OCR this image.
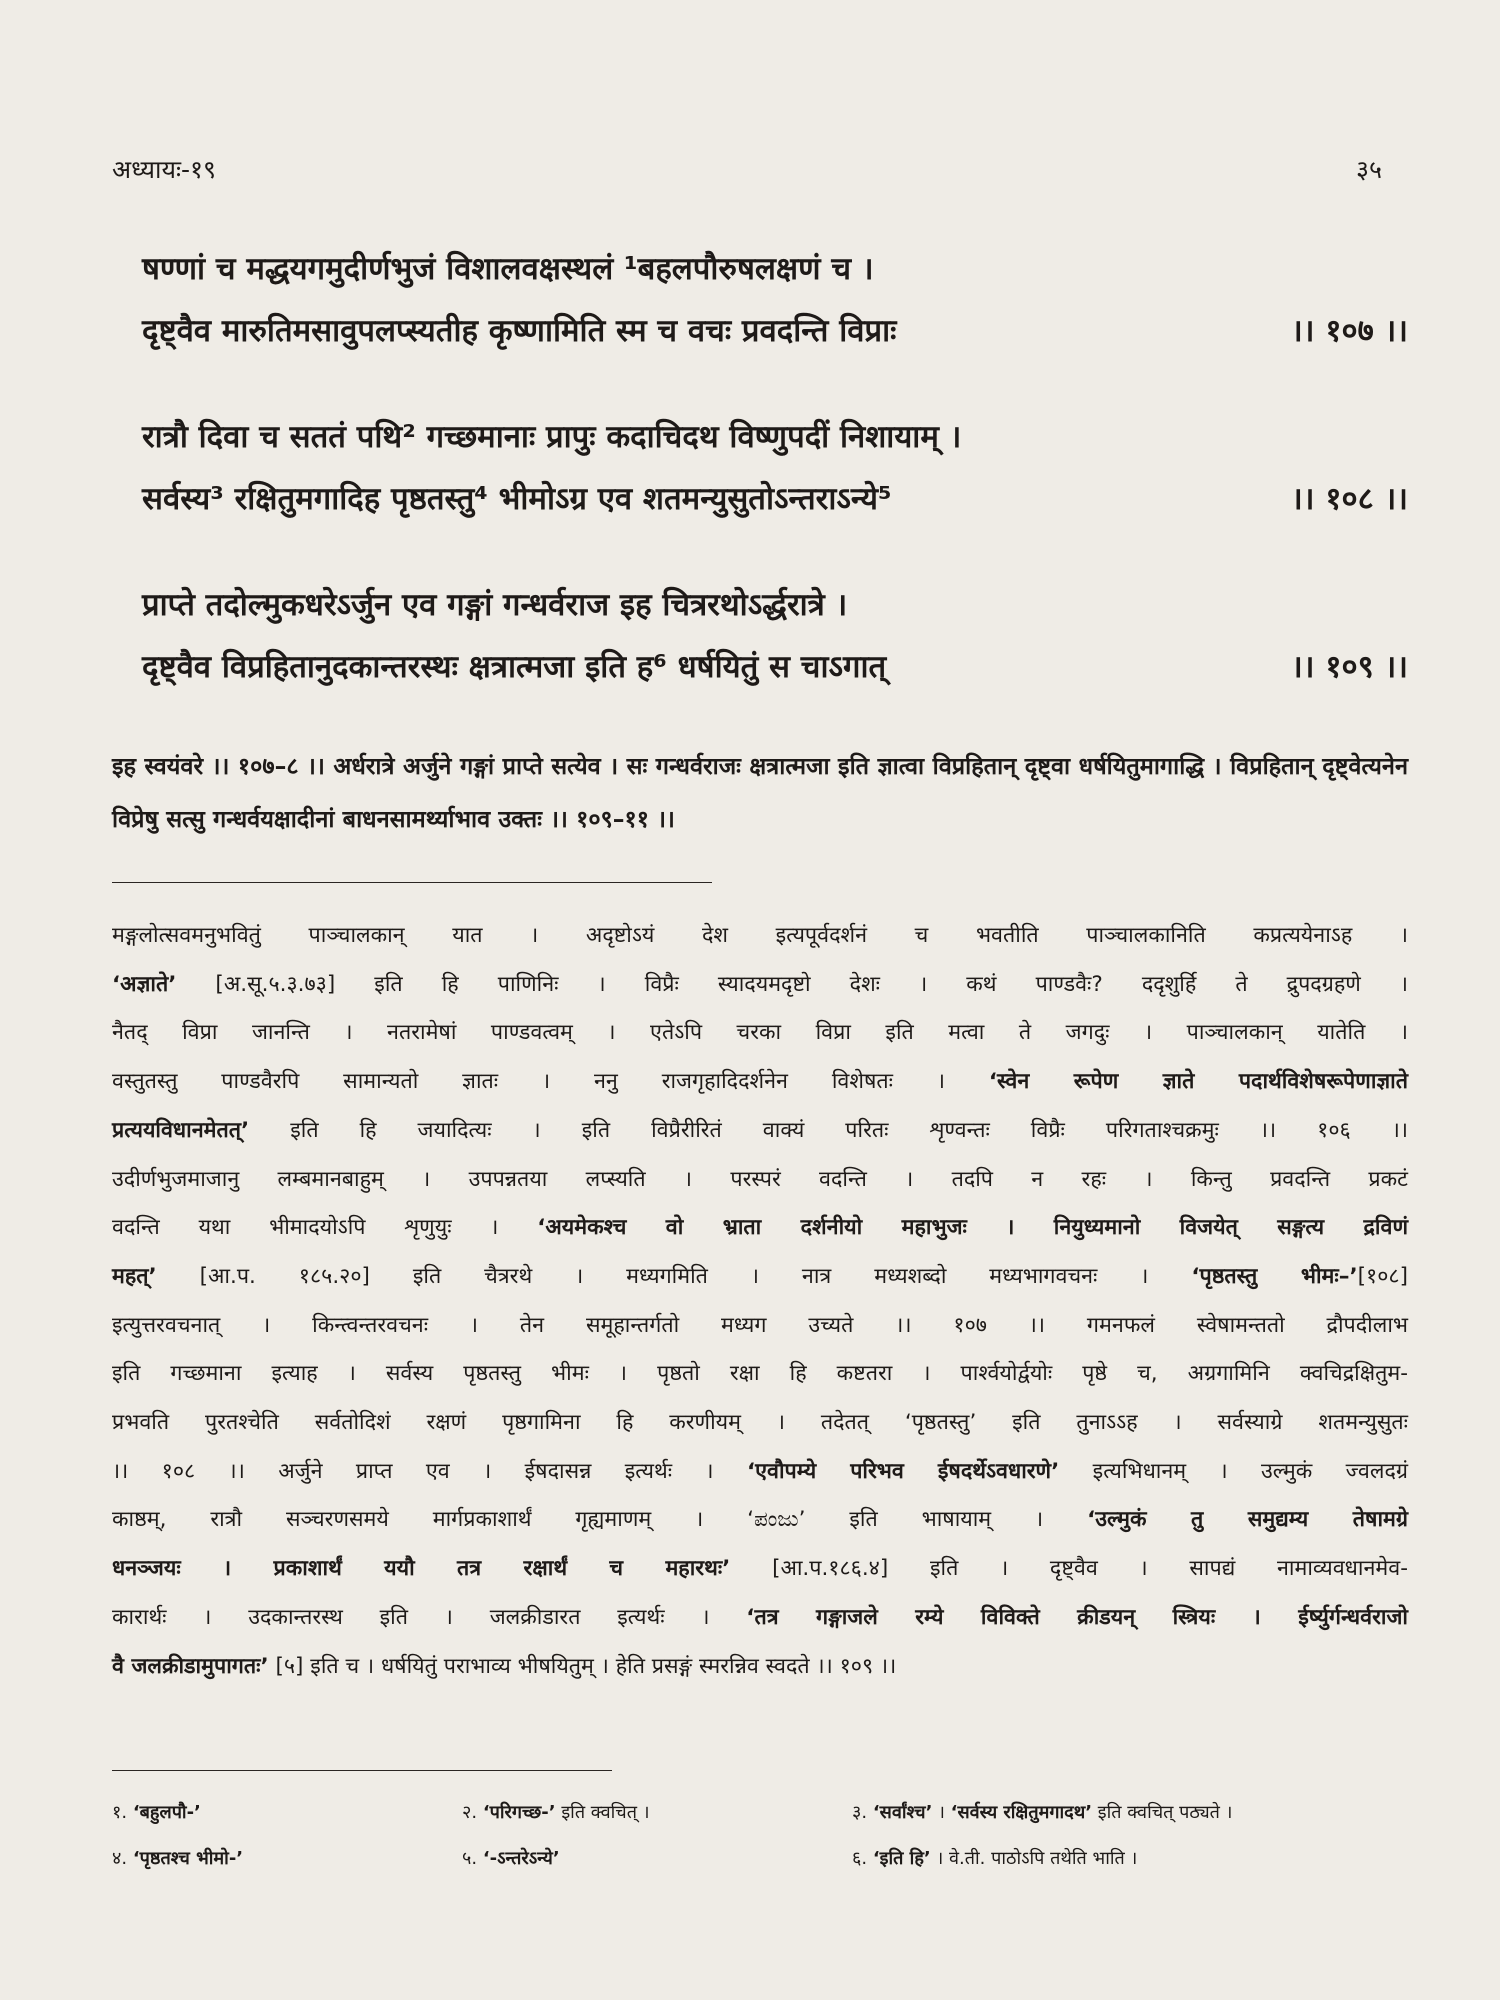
अध्यायः-१९	३५
षण्णां च मद्धयगमुदीर्णभुजं विशालवक्षस्थलं ¹बहलपौरुषलक्षणं च ।
दृष्ट्वैव मारुतिमसावुपलप्स्यतीह कृष्णामिति स्म च वचः प्रवदन्ति विप्राः	।। १०७ ।।
रात्रौ दिवा च सततं पथि² गच्छमानाः प्रापुः कदाचिदथ विष्णुपदीं निशायाम् ।
सर्वस्य³ रक्षितुमगादिह पृष्ठतस्तु⁴ भीमोऽग्र एव शतमन्युसुतोऽन्तराऽन्ये⁵	।। १०८ ।।
प्राप्ते तदोल्मुकधरेऽर्जुन एव गङ्गां गन्धर्वराज इह चित्ररथोऽर्द्धरात्रे ।
दृष्ट्वैव विप्रहितानुदकान्तरस्थः क्षत्रात्मजा इति ह⁶ धर्षयितुं स चाऽगात्	।। १०९ ।।
इह स्वयंवरे ।। १०७–८ ।। अर्धरात्रे अर्जुने गङ्गां प्राप्ते सत्येव । सः गन्धर्वराजः क्षत्रात्मजा इति ज्ञात्वा विप्रहितान् दृष्ट्वा धर्षयितुमागाद्धि । विप्रहितान् दृष्ट्वेत्यनेन विप्रेषु सत्सु गन्धर्वयक्षादीनां बाधनसामर्थ्याभाव उक्तः ।। १०९–११ ।।
मङ्गलोत्सवमनुभवितुं पाञ्चालकान् यात । अदृष्टोऽयं देश इत्यपूर्वदर्शनं च भवतीति पाञ्चालकानिति कप्रत्ययेनाऽह ।
‘अज्ञाते’ [अ.सू.५.३.७३] इति हि पाणिनिः । विप्रैः स्यादयमदृष्टो देशः । कथं पाण्डवैः? ददृशुर्हि ते द्रुपदग्रहणे ।
नैतद् विप्रा जानन्ति । नतरामेषां पाण्डवत्वम् । एतेऽपि चरका विप्रा इति मत्वा ते जगदुः । पाञ्चालकान् यातेति ।
वस्तुतस्तु पाण्डवैरपि सामान्यतो ज्ञातः । ननु राजगृहादिदर्शनेन विशेषतः । ‘स्वेन रूपेण ज्ञाते पदार्थविशेषरूपेणाज्ञाते
प्रत्ययविधानमेतत्’ इति हि जयादित्यः । इति विप्रैरीरितं वाक्यं परितः शृण्वन्तः विप्रैः परिगताश्चक्रमुः ।। १०६ ।।
उदीर्णभुजमाजानु लम्बमानबाहुम् । उपपन्नतया लप्स्यति । परस्परं वदन्ति । तदपि न रहः । किन्तु प्रवदन्ति प्रकटं
वदन्ति यथा भीमादयोऽपि शृणुयुः । ‘अयमेकश्च वो भ्राता दर्शनीयो महाभुजः । नियुध्यमानो विजयेत् सङ्गत्य द्रविणं
महत्’ [आ.प. १८५.२०] इति चैत्ररथे । मध्यगमिति । नात्र मध्यशब्दो मध्यभागवचनः । ‘पृष्ठतस्तु भीमः–’[१०८]
इत्युत्तरवचनात् । किन्त्वन्तरवचनः । तेन समूहान्तर्गतो मध्यग उच्यते ।। १०७ ।। गमनफलं स्वेषामन्ततो द्रौपदीलाभ
इति गच्छमाना इत्याह । सर्वस्य पृष्ठतस्तु भीमः । पृष्ठतो रक्षा हि कष्टतरा । पार्श्वयोर्द्वयोः पृष्ठे च, अग्रगामिनि क्वचिद्रक्षितुम-
प्रभवति पुरतश्चेति सर्वतोदिशं रक्षणं पृष्ठगामिना हि करणीयम् । तदेतत् ‘पृष्ठतस्तु’ इति तुनाऽऽह । सर्वस्याग्रे शतमन्युसुतः
।। १०८ ।। अर्जुने प्राप्त एव । ईषदासन्न इत्यर्थः । ‘एवौपम्ये परिभव ईषदर्थेऽवधारणे’ इत्यभिधानम् । उल्मुकं ज्वलदग्रं
काष्ठम्, रात्रौ सञ्चरणसमये मार्गप्रकाशार्थं गृह्यमाणम् । ‘ಪಂಜು’ इति भाषायाम् । ‘उल्मुकं तु समुद्यम्य तेषामग्रे
धनञ्जयः । प्रकाशार्थं ययौ तत्र रक्षार्थं च महारथः’ [आ.प.१८६.४] इति । दृष्ट्वैव । सापद्यं नामाव्यवधानमेव-
कारार्थः । उदकान्तरस्थ इति । जलक्रीडारत इत्यर्थः । ‘तत्र गङ्गाजले रम्ये विविक्ते क्रीडयन् स्त्रियः । ईर्ष्युर्गन्धर्वराजो
वै जलक्रीडामुपागतः’ [५] इति च । धर्षयितुं पराभाव्य भीषयितुम् । हेति प्रसङ्गं स्मरन्निव स्वदते ।। १०९ ।।
१. ‘बहुलपौ-’	२. ‘परिगच्छ-’ इति क्वचित् ।	३. ‘सर्वांश्च’ । ‘सर्वस्य रक्षितुमगादथ’ इति क्वचित् पठ्यते ।
४. ‘पृष्ठतश्च भीमो-’	५. ‘-ऽन्तरेऽन्ये’	६. ‘इति हि’ । वे.ती. पाठोऽपि तथेति भाति ।
